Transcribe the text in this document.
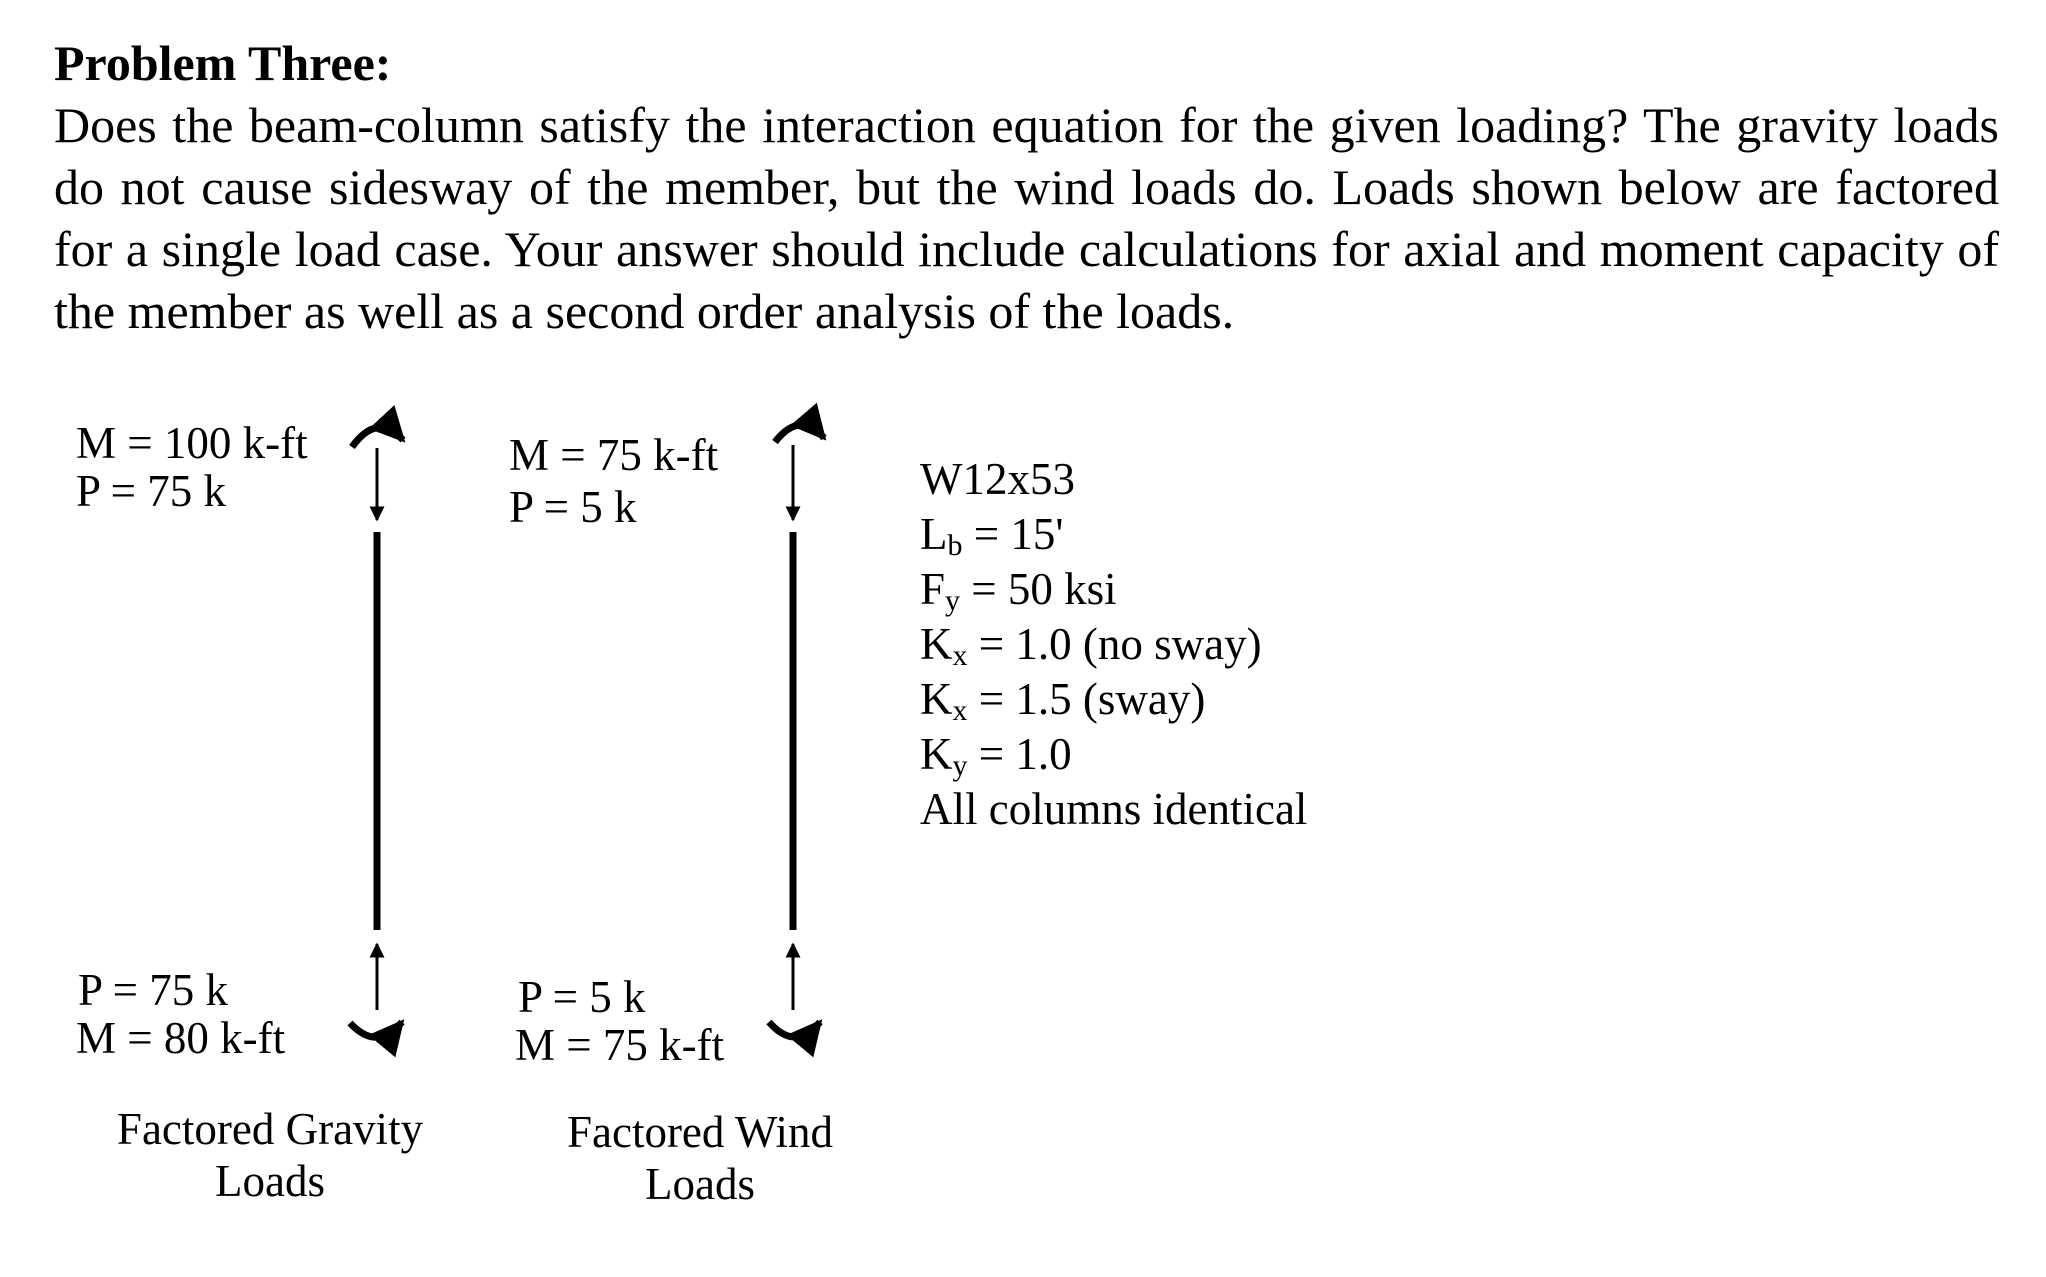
Problem Three:

Does the beam-column satisfy the interaction equation for the given loading? The gravity loads do not cause sidesway of the member, but the wind loads do. Loads shown below are factored for a single load case. Your answer should include calculations for axial and moment capacity of the member as well as a second order analysis of the loads.

M = 100 k-ft
P = 75 k
P = 75 k
M = 80 k-ft
Factored Gravity
Loads
M = 75 k-ft
P = 5 k
P = 5 k
M = 75 k-ft
Factored Wind
Loads
W12x53
$L_b = 15'$
$F_y = 50$ ksi
$K_x = 1.0$ (no sway)
$K_x = 1.5$ (sway)
$K_y = 1.0$
All columns identical
